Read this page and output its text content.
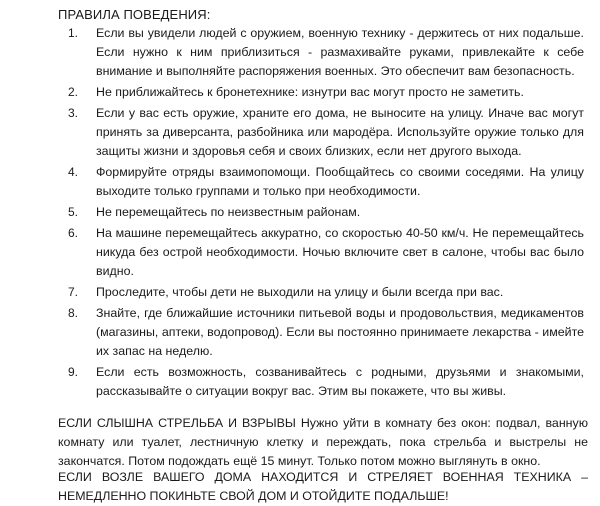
ПРАВИЛА ПОВЕДЕНИЯ:
1.	Если вы увидели людей с оружием, военную технику - держитесь от них подальше. Если нужно к ним приблизиться - размахивайте руками, привлекайте к себе внимание и выполняйте распоряжения военных. Это обеспечит вам безопасность.
2.	Не приближайтесь к бронетехнике: изнутри вас могут просто не заметить.
3.	Если у вас есть оружие, храните его дома, не выносите на улицу. Иначе вас могут принять за диверсанта, разбойника или мародёра. Используйте оружие только для защиты жизни и здоровья себя и своих близких, если нет другого выхода.
4.	Формируйте отряды взаимопомощи. Пообщайтесь со своими соседями. На улицу выходите только группами и только при необходимости.
5.	Не перемещайтесь по неизвестным районам.
6.	На машине перемещайтесь аккуратно, со скоростью 40-50 км/ч. Не перемещайтесь никуда без острой необходимости. Ночью включите свет в салоне, чтобы вас было видно.
7.	Проследите, чтобы дети не выходили на улицу и были всегда при вас.
8.	Знайте, где ближайшие источники питьевой воды и продовольствия, медикаментов (магазины, аптеки, водопровод). Если вы постоянно принимаете лекарства - имейте их запас на неделю.
9.	Если есть возможность, созванивайтесь с родными, друзьями и знакомыми, рассказывайте о ситуации вокруг вас. Этим вы покажете, что вы живы.

ЕСЛИ СЛЫШНА СТРЕЛЬБА И ВЗРЫВЫ Нужно уйти в комнату без окон: подвал, ванную комнату или туалет, лестничную клетку и переждать, пока стрельба и выстрелы не закончатся. Потом подождать ещё 15 минут. Только потом можно выглянуть в окно.

ЕСЛИ ВОЗЛЕ ВАШЕГО ДОМА НАХОДИТСЯ И СТРЕЛЯЕТ ВОЕННАЯ ТЕХНИКА – НЕМЕДЛЕННО ПОКИНЬТЕ СВОЙ ДОМ И ОТОЙДИТЕ ПОДАЛЬШЕ!
